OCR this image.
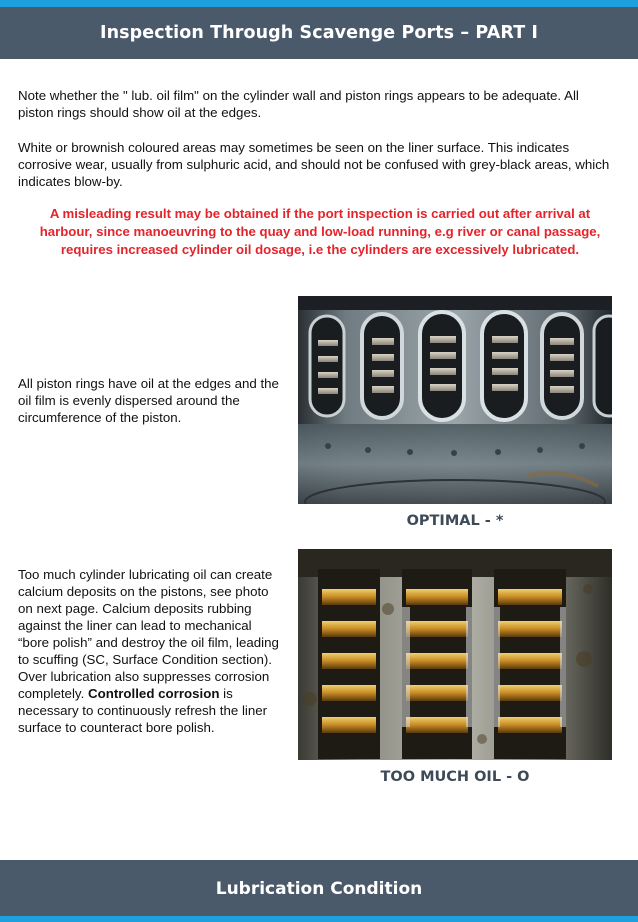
Inspection Through Scavenge Ports – PART I

Note whether the " lub. oil film" on the cylinder wall and piston rings appears to be adequate. All piston rings should show oil at the edges.

White or brownish coloured areas may sometimes be seen on the liner surface. This indicates corrosive wear, usually from sulphuric acid, and should not be confused with grey-black areas, which indicates blow-by.

A misleading result may be obtained if the port inspection is carried out after arrival at harbour, since manoeuvring to the quay and low-load running, e.g river or canal passage, requires increased cylinder oil dosage, i.e the cylinders are excessively lubricated.

OPTIMAL - *

All piston rings have oil at the edges and the oil film is evenly dispersed around the circumference of the piston.

TOO MUCH OIL - O

Too much cylinder lubricating oil can create calcium deposits on the pistons, see photo on next page. Calcium deposits rubbing against the liner can lead to mechanical “bore polish” and destroy the oil film, leading to scuffing (SC, Surface Condition section). Over lubrication also suppresses corrosion completely. Controlled corrosion is necessary to continuously refresh the liner surface to counteract bore polish.

Lubrication Condition
